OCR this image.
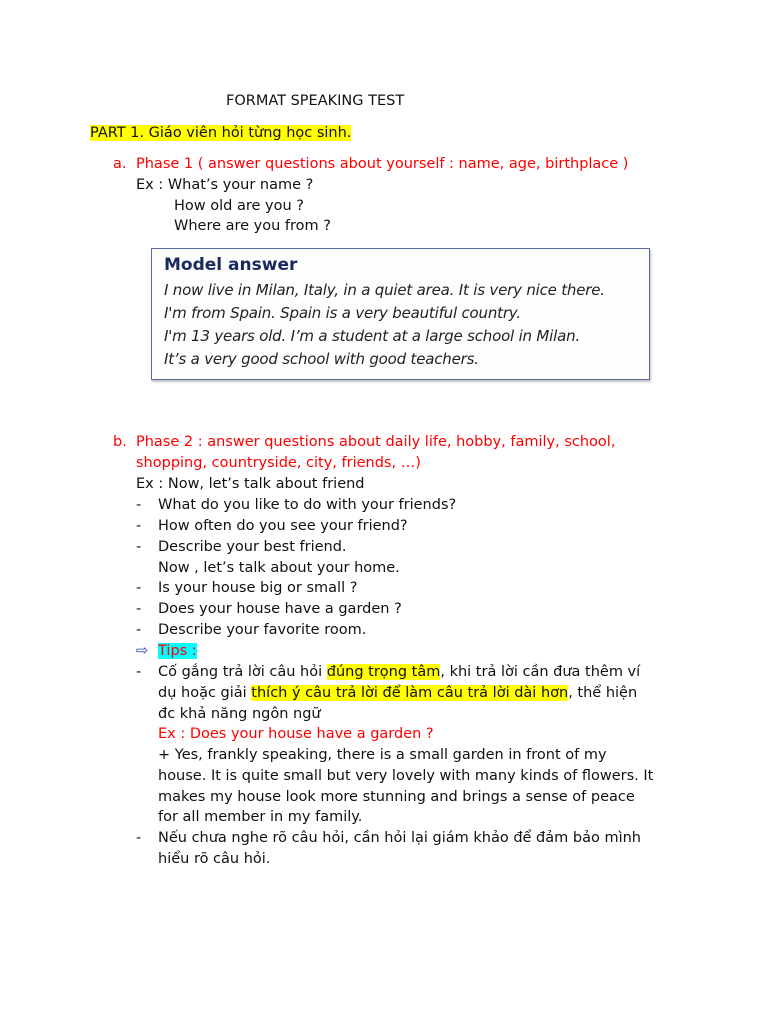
FORMAT SPEAKING TEST
PART 1. Giáo viên hỏi từng học sinh.
a. Phase 1 ( answer questions about yourself : name, age, birthplace )
Ex : What’s your name ?
How old are you ?
Where are you from ?
Model answer
I now live in Milan, Italy, in a quiet area. It is very nice there.
I'm from Spain. Spain is a very beautiful country.
I'm 13 years old. I’m a student at a large school in Milan.
It’s a very good school with good teachers.
b. Phase 2 : answer questions about daily life, hobby, family, school,
shopping, countryside, city, friends, …)
Ex : Now, let’s talk about friend
- What do you like to do with your friends?
- How often do you see your friend?
- Describe your best friend.
Now , let’s talk about your home.
- Is your house big or small ?
- Does your house have a garden ?
- Describe your favorite room.
⇨ Tips :
- Cố gắng trả lời câu hỏi đúng trọng tâm, khi trả lời cần đưa thêm ví
dụ hoặc giải thích ý câu trả lời để làm câu trả lời dài hơn, thể hiện
đc khả năng ngôn ngữ
Ex : Does your house have a garden ?
+ Yes, frankly speaking, there is a small garden in front of my
house. It is quite small but very lovely with many kinds of flowers. It
makes my house look more stunning and brings a sense of peace
for all member in my family.
- Nếu chưa nghe rõ câu hỏi, cần hỏi lại giám khảo để đảm bảo mình
hiểu rõ câu hỏi.
